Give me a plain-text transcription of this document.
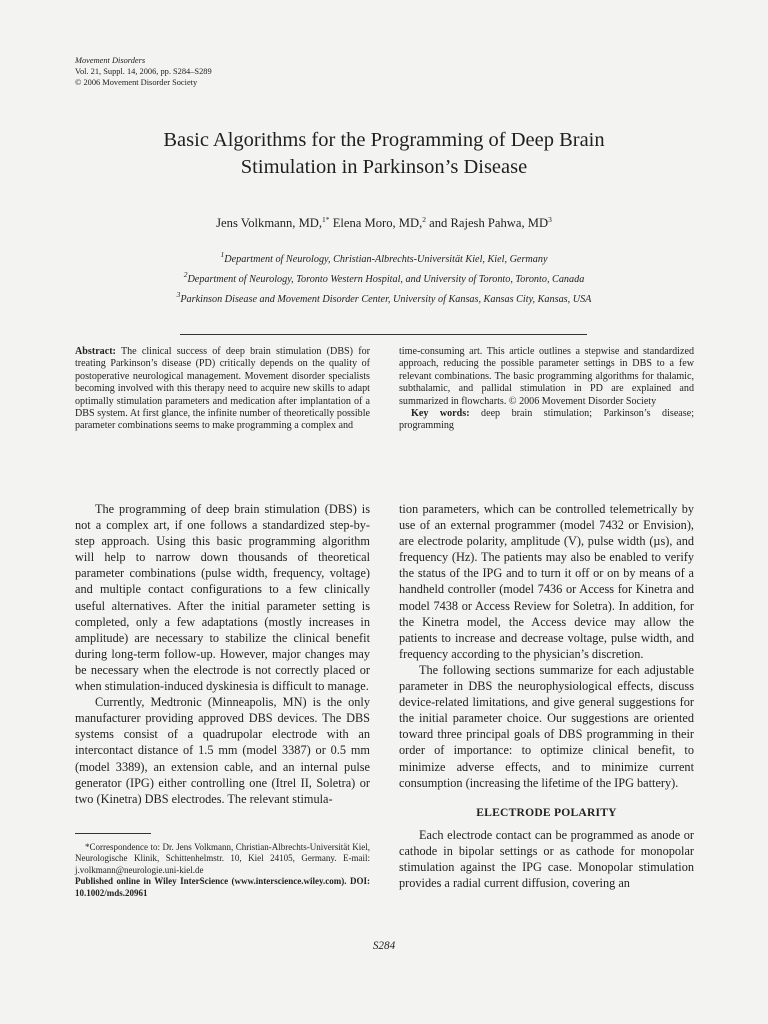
Movement Disorders
Vol. 21, Suppl. 14, 2006, pp. S284–S289
© 2006 Movement Disorder Society
Basic Algorithms for the Programming of Deep Brain
Stimulation in Parkinson’s Disease
Jens Volkmann, MD,$^{1*}$ Elena Moro, MD,$^2$ and Rajesh Pahwa, $MD^3$
$^1$Department of Neurology, Christian-Albrechts-Universität Kiel, Kiel, Germany
$^2$Department of Neurology, Toronto Western Hospital, and University of Toronto, Toronto, Canada
$^3$Parkinson Disease and Movement Disorder Center, University of Kansas, Kansas City, Kansas, USA
Abstract: The clinical success of deep brain stimulation (DBS) for treating Parkinson’s disease (PD) critically depends on the quality of postoperative neurological management. Movement disorder specialists becoming involved with this therapy need to acquire new skills to adapt optimally stimulation parameters and medication after implantation of a DBS system. At first glance, the infinite number of theoretically possible parameter combinations seems to make programming a complex and
time-consuming art. This article outlines a stepwise and standardized approach, reducing the possible parameter settings in DBS to a few relevant combinations. The basic programming algorithms for thalamic, subthalamic, and pallidal stimulation in PD are explained and summarized in flowcharts. © 2006 Movement Disorder Society
Key words: deep brain stimulation; Parkinson’s disease; programming

The programming of deep brain stimulation (DBS) is not a complex art, if one follows a standardized step-by-step approach. Using this basic programming algorithm will help to narrow down thousands of theoretical parameter combinations (pulse width, frequency, voltage) and multiple contact configurations to a few clinically useful alternatives. After the initial parameter setting is completed, only a few adaptations (mostly increases in amplitude) are necessary to stabilize the clinical benefit during long-term follow-up. However, major changes may be necessary when the electrode is not correctly placed or when stimulation-induced dyskinesia is difficult to manage.

Currently, Medtronic (Minneapolis, MN) is the only manufacturer providing approved DBS devices. The DBS systems consist of a quadrupolar electrode with an intercontact distance of 1.5 mm (model 3387) or 0.5 mm (model 3389), an extension cable, and an internal pulse generator (IPG) either controlling one (Itrel II, Soletra) or two (Kinetra) DBS electrodes. The relevant stimula-

tion parameters, which can be controlled telemetrically by use of an external programmer (model 7432 or Envision), are electrode polarity, amplitude (V), pulse width (µs), and frequency (Hz). The patients may also be enabled to verify the status of the IPG and to turn it off or on by means of a handheld controller (model 7436 or Access for Kinetra and model 7438 or Access Review for Soletra). In addition, for the Kinetra model, the Access device may allow the patients to increase and decrease voltage, pulse width, and frequency according to the physician’s discretion.

The following sections summarize for each adjustable parameter in DBS the neurophysiological effects, discuss device-related limitations, and give general suggestions for the initial parameter choice. Our suggestions are oriented toward three principal goals of DBS programming in their order of importance: to optimize clinical benefit, to minimize adverse effects, and to minimize current consumption (increasing the lifetime of the IPG battery).

ELECTRODE POLARITY

Each electrode contact can be programmed as anode or cathode in bipolar settings or as cathode for monopolar stimulation against the IPG case. Monopolar stimulation provides a radial current diffusion, covering an

*Correspondence to: Dr. Jens Volkmann, Christian-Albrechts-Universität Kiel, Neurologische Klinik, Schittenhelmstr. 10, Kiel 24105, Germany. E-mail: j.volkmann@neurologie.uni-kiel.de
Published online in Wiley InterScience (www.interscience.wiley.com). DOI: 10.1002/mds.20961
S284
